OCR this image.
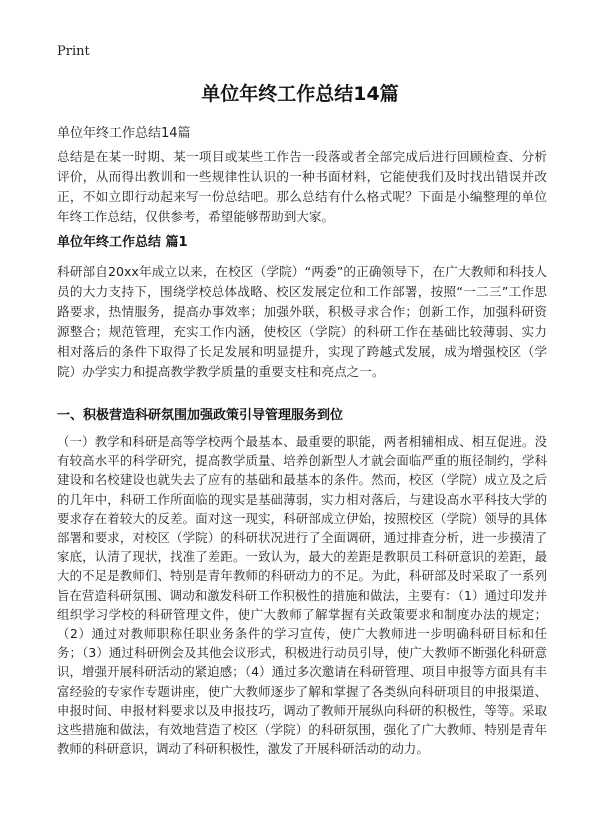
Print
单位年终工作总结14篇
单位年终工作总结14篇

总结是在某一时期、某一项目或某些工作告一段落或者全部完成后进行回顾检查、分析评价，从而得出教训和一些规律性认识的一种书面材料，它能使我们及时找出错误并改正，不如立即行动起来写一份总结吧。那么总结有什么格式呢？下面是小编整理的单位年终工作总结，仅供参考，希望能够帮助到大家。

单位年终工作总结 篇1

科研部自20xx年成立以来，在校区（学院）“两委”的正确领导下，在广大教师和科技人员的大力支持下，围绕学校总体战略、校区发展定位和工作部署，按照“一二三”工作思路要求，热情服务，提高办事效率；加强外联，积极寻求合作；创新工作，加强科研资源整合；规范管理，充实工作内涵，使校区（学院）的科研工作在基础比较薄弱、实力相对落后的条件下取得了长足发展和明显提升，实现了跨越式发展，成为增强校区（学院）办学实力和提高教学教学质量的重要支柱和亮点之一。

一、积极营造科研氛围加强政策引导管理服务到位

（一）教学和科研是高等学校两个最基本、最重要的职能，两者相辅相成、相互促进。没有较高水平的科学研究，提高教学质量、培养创新型人才就会面临严重的瓶径制约，学科建设和名校建设也就失去了应有的基础和最基本的条件。然而，校区（学院）成立及之后的几年中，科研工作所面临的现实是基础薄弱，实力相对落后，与建设高水平科技大学的要求存在着较大的反差。面对这一现实，科研部成立伊始，按照校区（学院）领导的具体部署和要求，对校区（学院）的科研状况进行了全面调研，通过排查分析，进一步摸清了家底，认清了现状，找准了差距。一致认为，最大的差距是教职员工科研意识的差距，最大的不足是教师们、特别是青年教师的科研动力的不足。为此，科研部及时采取了一系列旨在营造科研氛围、调动和激发科研工作积极性的措施和做法，主要有：（1）通过印发并组织学习学校的科研管理文件，使广大教师了解掌握有关政策要求和制度办法的规定；（2）通过对教师职称任职业务条件的学习宣传，使广大教师进一步明确科研目标和任务；（3）通过科研例会及其他会议形式，积极进行动员引导，使广大教师不断强化科研意识，增强开展科研活动的紧迫感；（4）通过多次邀请在科研管理、项目申报等方面具有丰富经验的专家作专题讲座，使广大教师逐步了解和掌握了各类纵向科研项目的申报渠道、申报时间、申报材料要求以及申报技巧，调动了教师开展纵向科研的积极性，等等。采取这些措施和做法，有效地营造了校区（学院）的科研氛围，强化了广大教师、特别是青年教师的科研意识，调动了科研积极性，激发了开展科研活动的动力。
